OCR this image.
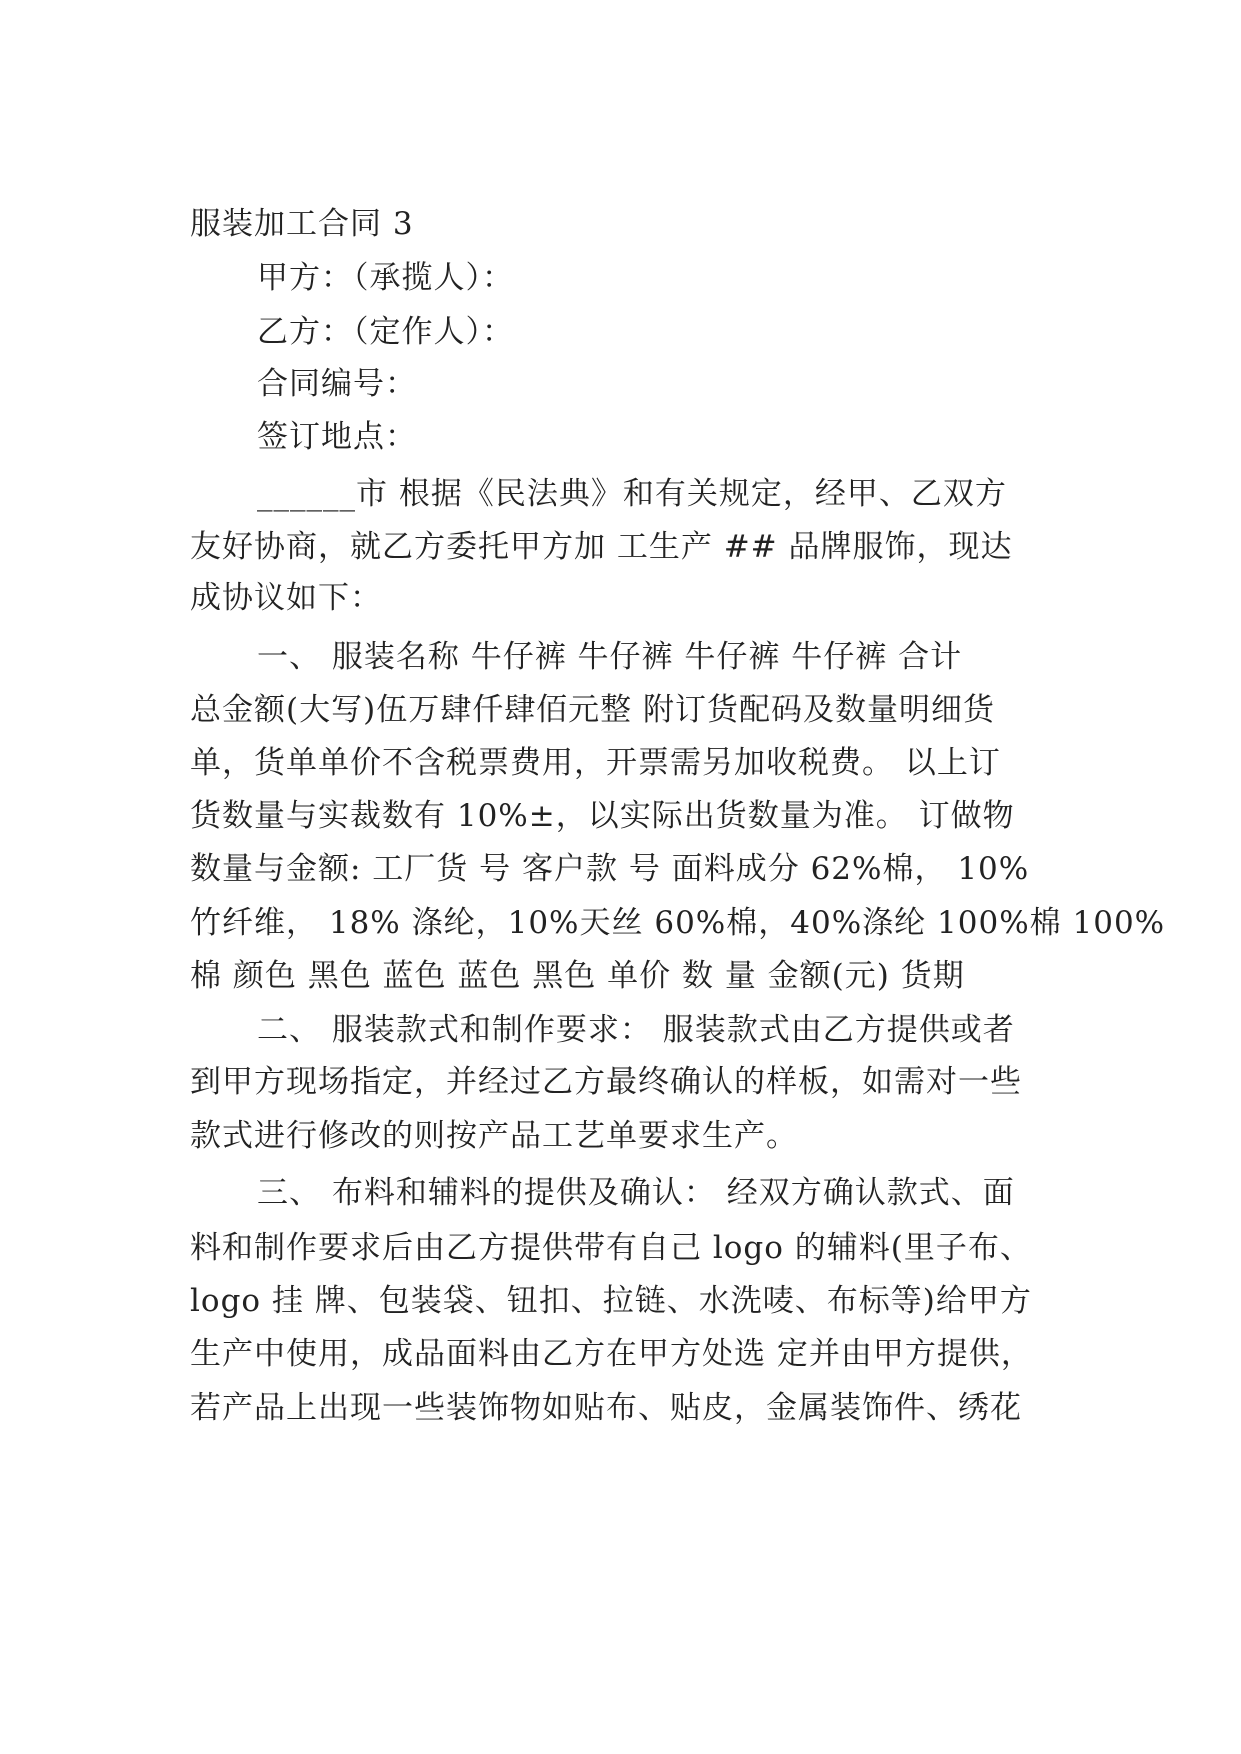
服装加工合同 3
甲方：（承揽人）：
乙方：（定作人）：
合同编号：
签订地点：
______市 根据《民法典》和有关规定，经甲、乙双方
友好协商，就乙方委托甲方加 工生产 ## 品牌服饰，现达
成协议如下：
一、 服装名称 牛仔裤 牛仔裤 牛仔裤 牛仔裤 合计
总金额(大写)伍万肆仟肆佰元整 附订货配码及数量明细货
单，货单单价不含税票费用，开票需另加收税费。 以上订
货数量与实裁数有 10%±，以实际出货数量为准。 订做物
数量与金额: 工厂货 号 客户款 号 面料成分 62%棉， 10%
竹纤维， 18% 涤纶，10%天丝 60%棉，40%涤纶 100%棉 100%
棉 颜色 黑色 蓝色 蓝色 黑色 单价 数 量 金额(元) 货期
二、 服装款式和制作要求： 服装款式由乙方提供或者
到甲方现场指定，并经过乙方最终确认的样板，如需对一些
款式进行修改的则按产品工艺单要求生产。
三、 布料和辅料的提供及确认： 经双方确认款式、面
料和制作要求后由乙方提供带有自己 logo 的辅料(里子布、
logo 挂 牌、包装袋、钮扣、拉链、水洗唛、布标等)给甲方
生产中使用，成品面料由乙方在甲方处选 定并由甲方提供，
若产品上出现一些装饰物如贴布、贴皮，金属装饰件、绣花
